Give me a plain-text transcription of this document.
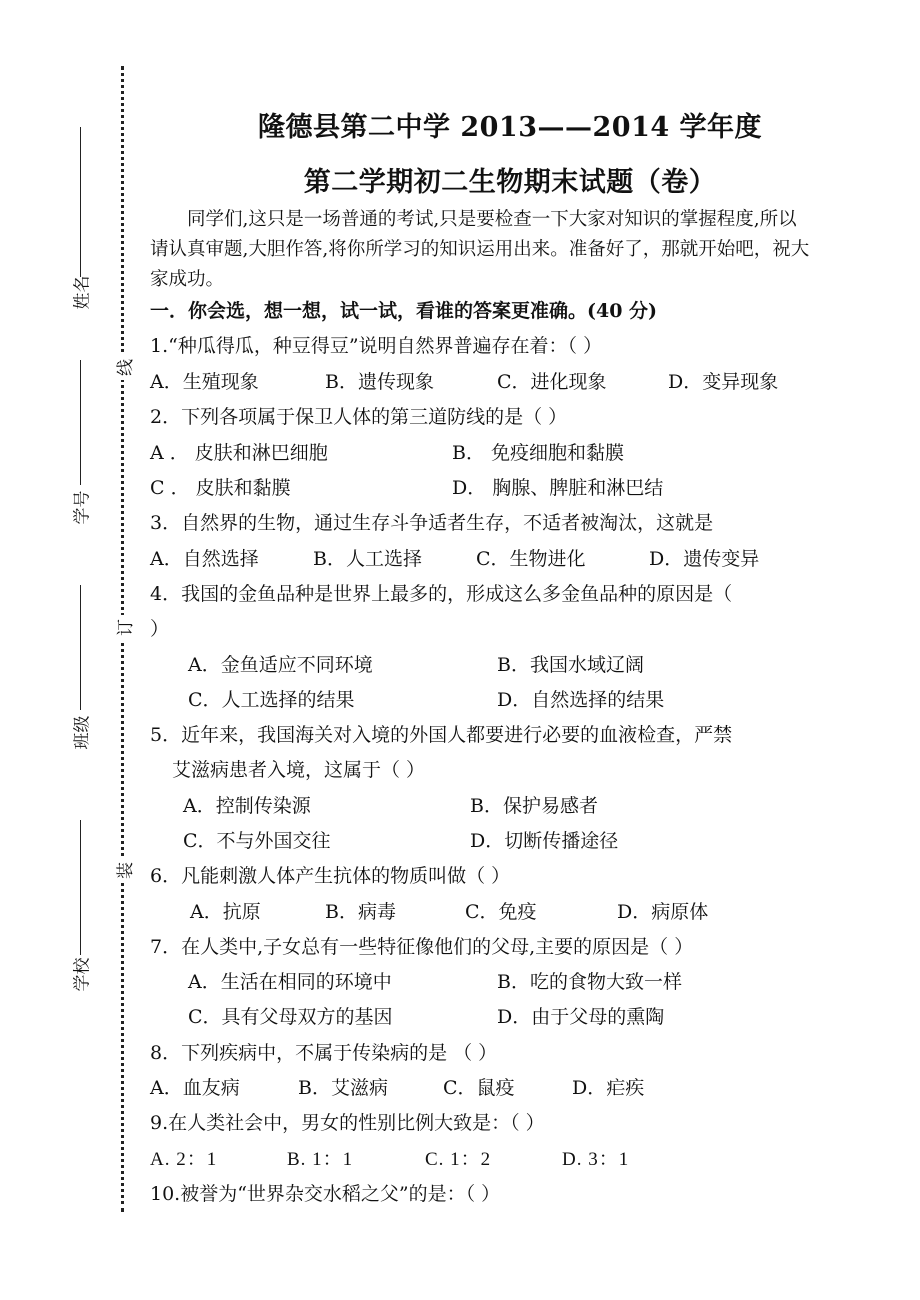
姓名
学号
班级
学校
线
订
装
隆德县第二中学 2013——2014 学年度
第二学期初二生物期末试题（卷）
同学们,这只是一场普通的考试,只是要检查一下大家对知识的掌握程度,所以请认真审题,大胆作答,将你所学习的知识运用出来。准备好了，那就开始吧，祝大家成功。
一．你会选，想一想，试一试，看谁的答案更准确。(40 分)
1.“种瓜得瓜，种豆得豆”说明自然界普遍存在着：（ ）
A．生殖现象	B．遗传现象	C．进化现象	D．变异现象
2．下列各项属于保卫人体的第三道防线的是（ ）
A ． 皮肤和淋巴细胞	B． 免疫细胞和黏膜
C ． 皮肤和黏膜	D． 胸腺、脾脏和淋巴结
3．自然界的生物，通过生存斗争适者生存，不适者被淘汰，这就是
A．自然选择	B．人工选择	C．生物进化	D．遗传变异
4．我国的金鱼品种是世界上最多的，形成这么多金鱼品种的原因是（
）
A．金鱼适应不同环境	B．我国水域辽阔
C．人工选择的结果	D．自然选择的结果
5．近年来，我国海关对入境的外国人都要进行必要的血液检查，严禁
艾滋病患者入境，这属于（ ）
A．控制传染源	B．保护易感者
C．不与外国交往	D．切断传播途径
6．凡能刺激人体产生抗体的物质叫做（ ）
A．抗原	B．病毒	C．免疫	D．病原体
7．在人类中,子女总有一些特征像他们的父母,主要的原因是（ ）
A．生活在相同的环境中	B．吃的食物大致一样
C．具有父母双方的基因	D．由于父母的熏陶
8．下列疾病中，不属于传染病的是 （ ）
A．血友病	B．艾滋病	C．鼠疫	D．疟疾
9.在人类社会中，男女的性别比例大致是：（ ）
A. 2：1	B. 1：1	C. 1：2	D. 3：1
10.被誉为“世界杂交水稻之父”的是：（ ）
